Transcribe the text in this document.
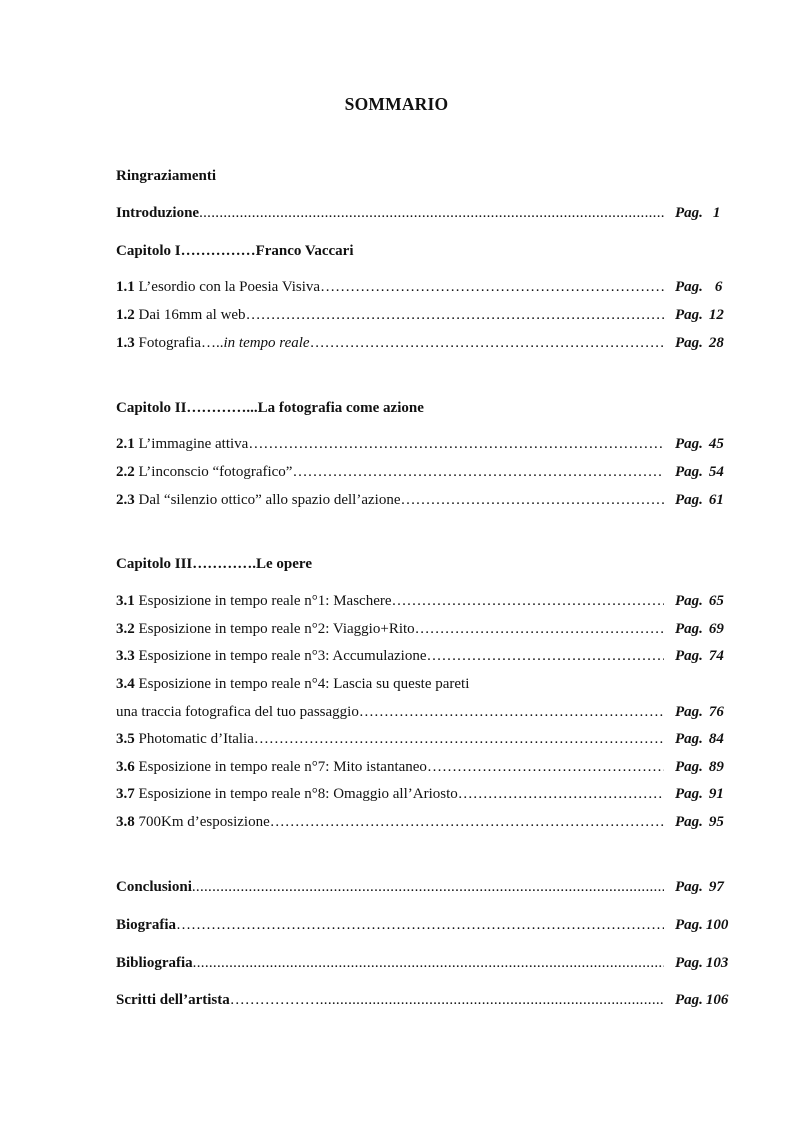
SOMMARIO
Ringraziamenti
Introduzione .....	Pag. 1
Capitolo I……………Franco Vaccari
1.1 L’esordio con la Poesia Visiva …………………………………………………………………………………………………………………………………	Pag. 6
1.2 Dai 16mm al web …………………………………………………………………………………………………………………………………	Pag. 12
1.3 Fotografia…..in tempo reale …………………………………………………………………………………………………………………………………	Pag. 28
Capitolo II…………...La fotografia come azione
2.1 L’immagine attiva …………………………………………………………………………………………………………………………………	Pag. 45
2.2 L’inconscio “fotografico” …………………………………………………………………………………………………………………………………	Pag. 54
2.3 Dal “silenzio ottico” allo spazio dell’azione …………………………………………………………………………………………………………………………………	Pag. 61
Capitolo III………….Le opere
3.1 Esposizione in tempo reale n°1: Maschere …………………………………………………………………………………………………………………………………	Pag. 65
3.2 Esposizione in tempo reale n°2: Viaggio+Rito …………………………………………………………………………………………………………………………………	Pag. 69
3.3 Esposizione in tempo reale n°3: Accumulazione …………………………………………………………………………………………………………………………………	Pag. 74
3.4 Esposizione in tempo reale n°4: Lascia su queste pareti
una traccia fotografica del tuo passaggio …………………………………………………………………………………………………………………………………	Pag. 76
3.5 Photomatic d’Italia …………………………………………………………………………………………………………………………………	Pag. 84
3.6 Esposizione in tempo reale n°7: Mito istantaneo …………………………………………………………………………………………………………………………………	Pag. 89
3.7 Esposizione in tempo reale n°8: Omaggio all’Ariosto …………………………………………………………………………………………………………………………………	Pag. 91
3.8 700Km d’esposizione …………………………………………………………………………………………………………………………………	Pag. 95
Conclusioni .....	Pag. 97
Biografia …………………………………………………………………………………………………………………………………	Pag. 100
Bibliografia .....	Pag. 103
Scritti dell’artista……………… .....	Pag. 106
